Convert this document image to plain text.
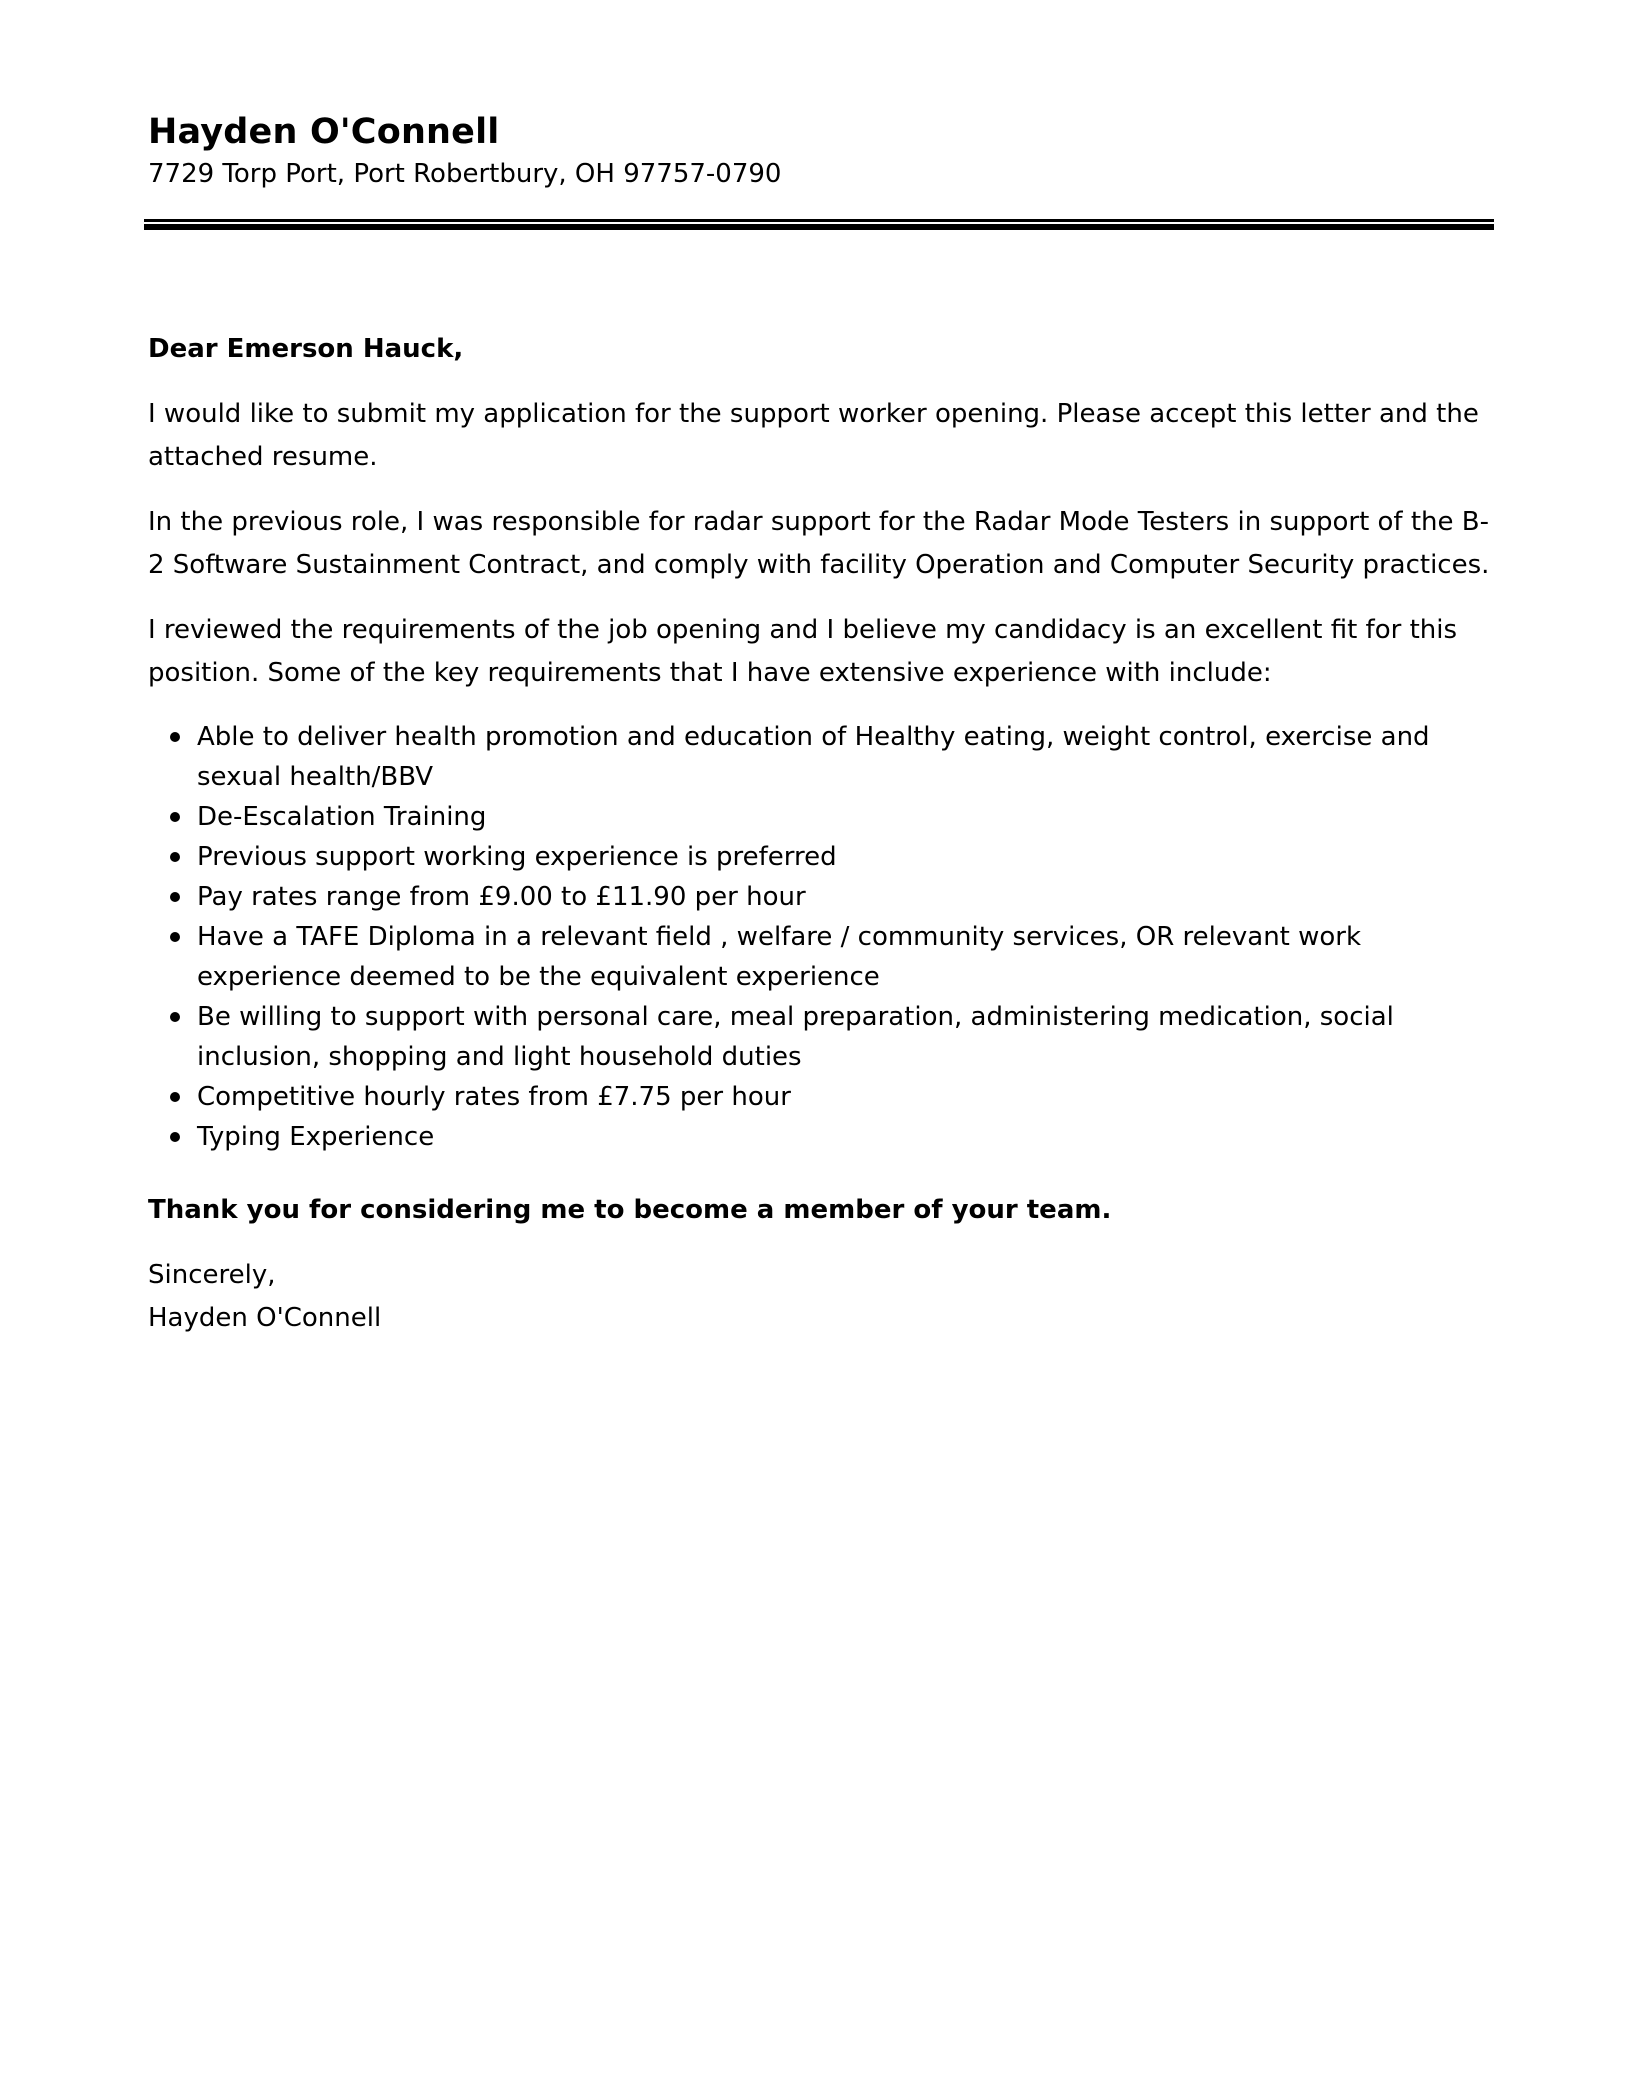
Hayden O'Connell

7729 Torp Port, Port Robertbury, OH 97757-0790

Dear Emerson Hauck,

I would like to submit my application for the support worker opening. Please accept this letter and the attached resume.

In the previous role, I was responsible for radar support for the Radar Mode Testers in support of the B-2 Software Sustainment Contract, and comply with facility Operation and Computer Security practices.

I reviewed the requirements of the job opening and I believe my candidacy is an excellent fit for this position. Some of the key requirements that I have extensive experience with include:

Able to deliver health promotion and education of Healthy eating, weight control, exercise and sexual health/BBV
De-Escalation Training
Previous support working experience is preferred
Pay rates range from £9.00 to £11.90 per hour
Have a TAFE Diploma in a relevant field , welfare / community services, OR relevant work experience deemed to be the equivalent experience
Be willing to support with personal care, meal preparation, administering medication, social inclusion, shopping and light household duties
Competitive hourly rates from £7.75 per hour
Typing Experience

Thank you for considering me to become a member of your team.

Sincerely,

Hayden O'Connell
